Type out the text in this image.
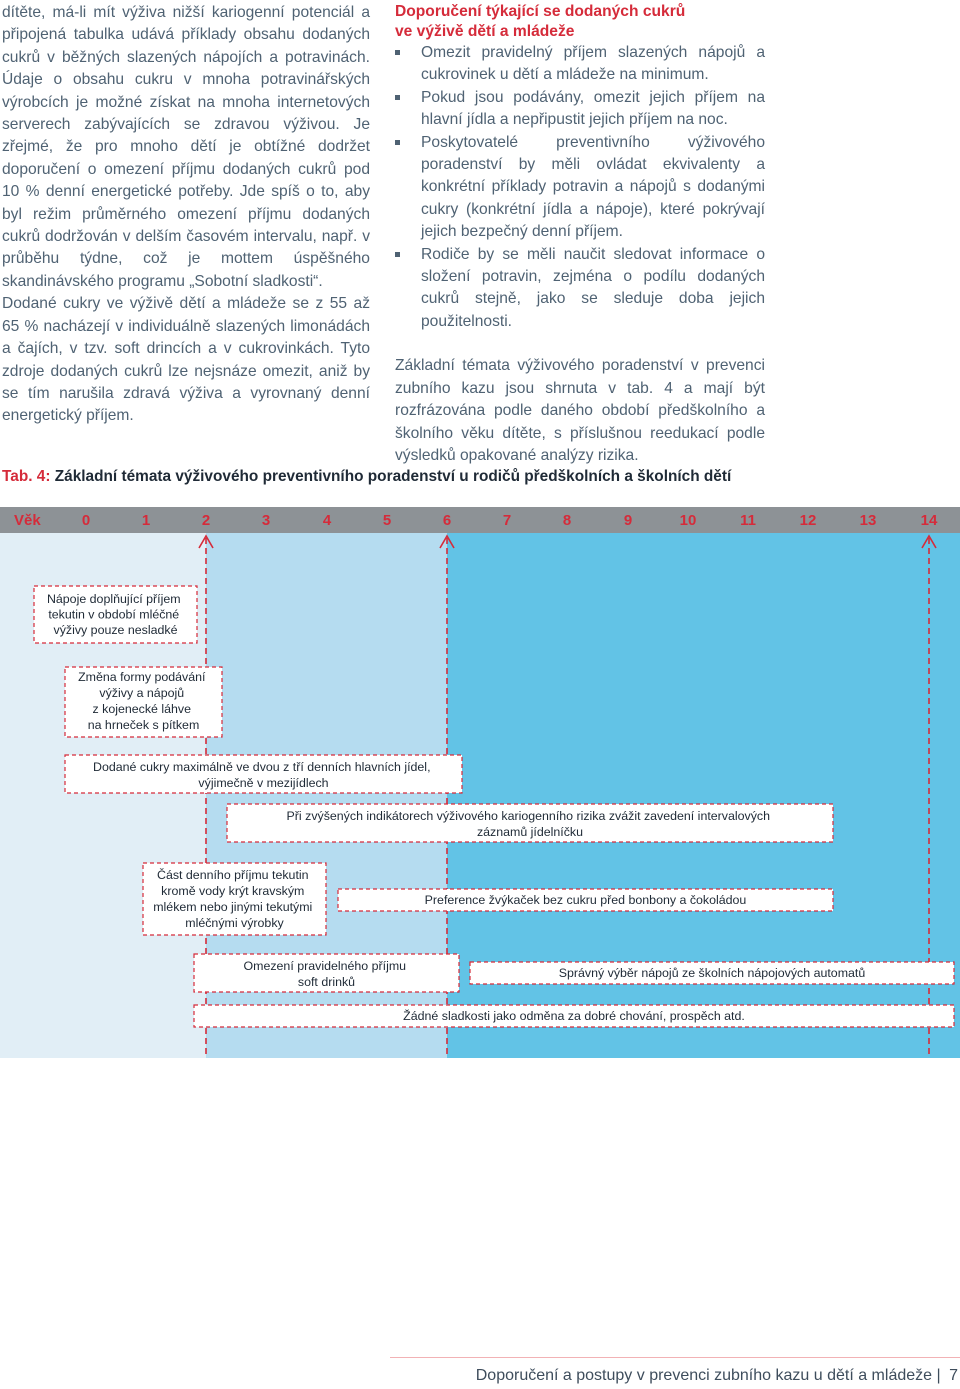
dítěte, má-li mít výživa nižší kariogenní potenciál a připojená tabulka udává příklady obsahu dodaných cukrů v běžných slazených nápojích a potravinách. Údaje o obsahu cukru v mnoha potravinářských výrobcích je možné získat na mnoha internetových serverech zabývajících se zdravou výživou. Je zřejmé, že pro mnoho dětí je obtížné dodržet doporučení o omezení příjmu dodaných cukrů pod 10 % denní energetické potřeby. Jde spíš o to, aby byl režim průměrného omezení příjmu dodaných cukrů dodržován v delším časovém intervalu, např. v průběhu týdne, což je mottem úspěšného skandinávského programu „Sobotní sladkosti“.

Dodané cukry ve výživě dětí a mládeže se z 55 až 65 % nacházejí v individuálně slazených limonádách a čajích, v tzv. soft drincích a v cukrovinkách. Tyto zdroje dodaných cukrů lze nejsnáze omezit, aniž by se tím narušila zdravá výživa a vyrovnaný denní energetický příjem.

Doporučení týkající se dodaných cukrů
ve výživě dětí a mládeže
Omezit pravidelný příjem slazených nápojů a cukrovinek u dětí a mládeže na minimum.
Pokud jsou podávány, omezit jejich příjem na hlavní jídla a nepřipustit jejich příjem na noc.
Poskytovatelé preventivního výživového poradenství by měli ovládat ekvivalenty a konkrétní příklady potravin a nápojů s dodanými cukry (konkrétní jídla a nápoje), které pokrývají jejich bezpečný denní příjem.
Rodiče by se měli naučit sledovat informace o složení potravin, zejména o podílu dodaných cukrů stejně, jako se sleduje doba jejich použitelnosti.

Základní témata výživového poradenství v prevenci zubního kazu jsou shrnuta v tab. 4 a mají být rozfrázována podle daného období předškolního a školního věku dítěte, s příslušnou reedukací podle výsledků opakované analýzy rizika.

Tab. 4: Základní témata výživového preventivního poradenství u rodičů předškolních a školních dětí
Věk	0	1	2	3	4	5	6	7	8	9	10	11	12	13	14
Nápoje doplňující příjem tekutin v období mléčné výživy pouze nesladké
Změna formy podávání výživy a nápojů z kojenecké láhve na hrneček s pítkem
Dodané cukry maximálně ve dvou z tří denních hlavních jídel, výjimečně v mezijídlech
Při zvýšených indikátorech výživového kariogenního rizika zvážit zavedení intervalových záznamů jídelníčku
Část denního příjmu tekutin kromě vody krýt kravským mlékem nebo jinými tekutými mléčnými výrobky
Preference žvýkaček bez cukru před bonbony a čokoládou
Omezení pravidelného příjmu soft drinků
Správný výběr nápojů ze školních nápojových automatů
Žádné sladkosti jako odměna za dobré chování, prospěch atd.
Doporučení a postupy v prevenci zubního kazu u dětí a mládeže | 7
